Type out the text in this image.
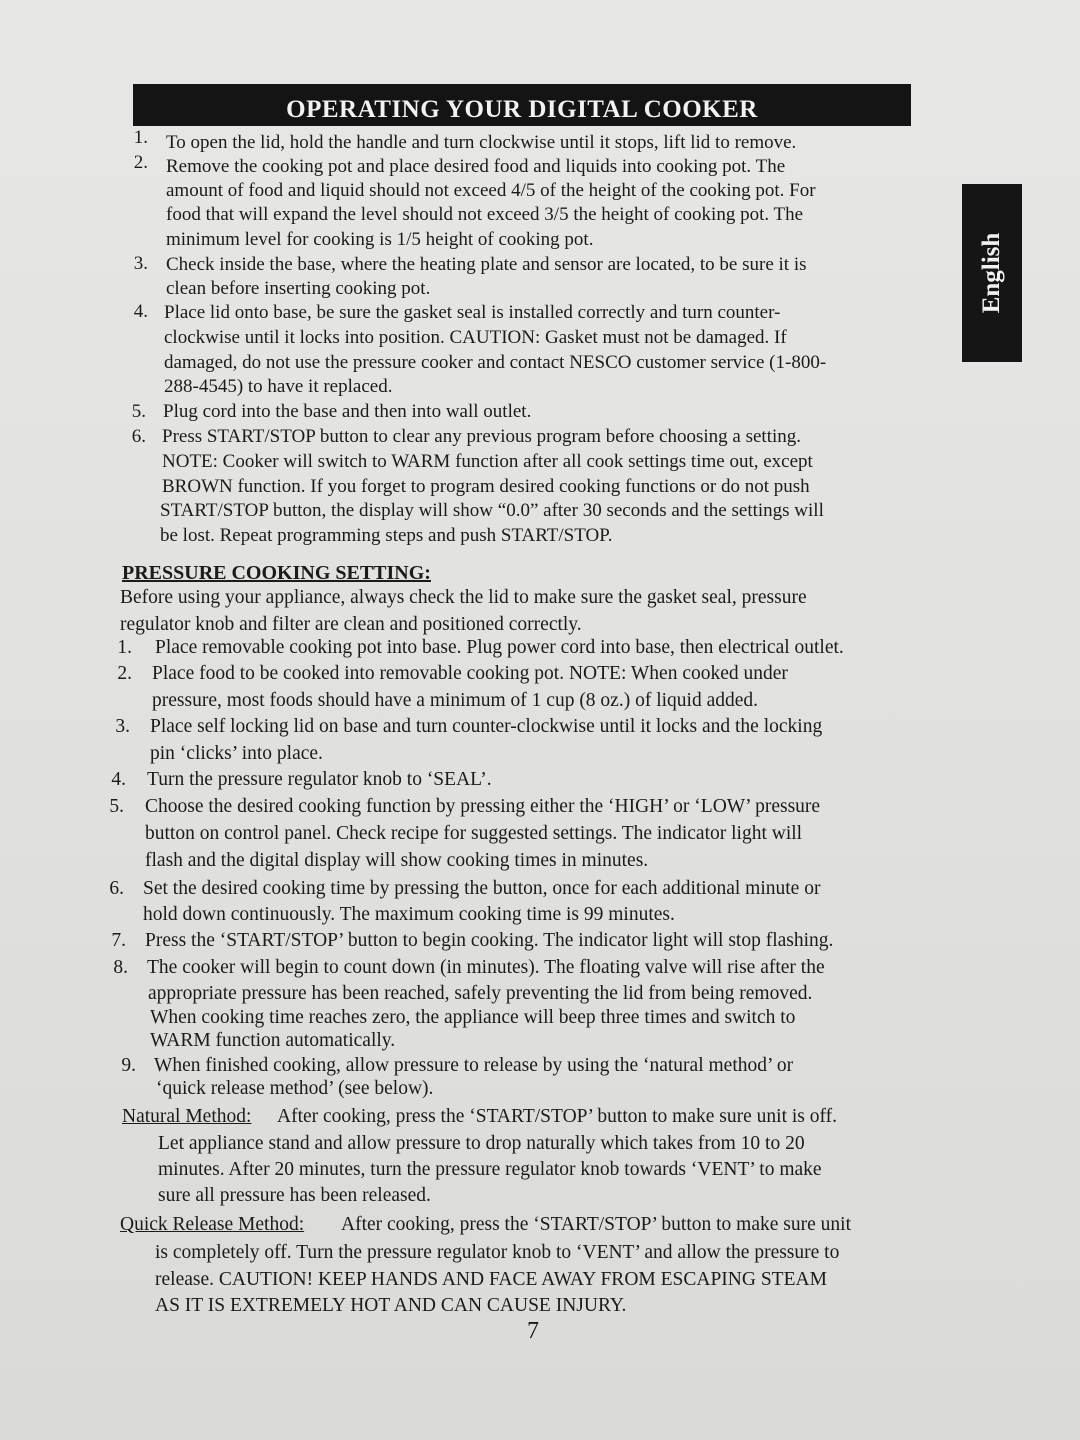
OPERATING YOUR DIGITAL COOKER
English
1. To open the lid, hold the handle and turn clockwise until it stops, lift lid to remove.
2. Remove the cooking pot and place desired food and liquids into cooking pot. The
amount of food and liquid should not exceed 4/5 of the height of the cooking pot. For
food that will expand the level should not exceed 3/5 the height of cooking pot. The
minimum level for cooking is 1/5 height of cooking pot.
3. Check inside the base, where the heating plate and sensor are located, to be sure it is
clean before inserting cooking pot.
4. Place lid onto base, be sure the gasket seal is installed correctly and turn counter-
clockwise until it locks into position. CAUTION: Gasket must not be damaged. If
damaged, do not use the pressure cooker and contact NESCO customer service (1-800-
288-4545) to have it replaced.
5. Plug cord into the base and then into wall outlet.
6. Press START/STOP button to clear any previous program before choosing a setting.
NOTE: Cooker will switch to WARM function after all cook settings time out, except
BROWN function. If you forget to program desired cooking functions or do not push
START/STOP button, the display will show “0.0” after 30 seconds and the settings will
be lost. Repeat programming steps and push START/STOP.
PRESSURE COOKING SETTING:
Before using your appliance, always check the lid to make sure the gasket seal, pressure
regulator knob and filter are clean and positioned correctly.
1. Place removable cooking pot into base. Plug power cord into base, then electrical outlet.
2. Place food to be cooked into removable cooking pot. NOTE: When cooked under
pressure, most foods should have a minimum of 1 cup (8 oz.) of liquid added.
3. Place self locking lid on base and turn counter-clockwise until it locks and the locking
pin ‘clicks’ into place.
4. Turn the pressure regulator knob to ‘SEAL’.
5. Choose the desired cooking function by pressing either the ‘HIGH’ or ‘LOW’ pressure
button on control panel. Check recipe for suggested settings. The indicator light will
flash and the digital display will show cooking times in minutes.
6. Set the desired cooking time by pressing the button, once for each additional minute or
hold down continuously. The maximum cooking time is 99 minutes.
7. Press the ‘START/STOP’ button to begin cooking. The indicator light will stop flashing.
8. The cooker will begin to count down (in minutes). The floating valve will rise after the
appropriate pressure has been reached, safely preventing the lid from being removed.
When cooking time reaches zero, the appliance will beep three times and switch to
WARM function automatically.
9. When finished cooking, allow pressure to release by using the ‘natural method’ or
‘quick release method’ (see below).
Natural Method: After cooking, press the ‘START/STOP’ button to make sure unit is off.
Let appliance stand and allow pressure to drop naturally which takes from 10 to 20
minutes. After 20 minutes, turn the pressure regulator knob towards ‘VENT’ to make
sure all pressure has been released.
Quick Release Method: After cooking, press the ‘START/STOP’ button to make sure unit
is completely off. Turn the pressure regulator knob to ‘VENT’ and allow the pressure to
release. CAUTION! KEEP HANDS AND FACE AWAY FROM ESCAPING STEAM
AS IT IS EXTREMELY HOT AND CAN CAUSE INJURY.
7
